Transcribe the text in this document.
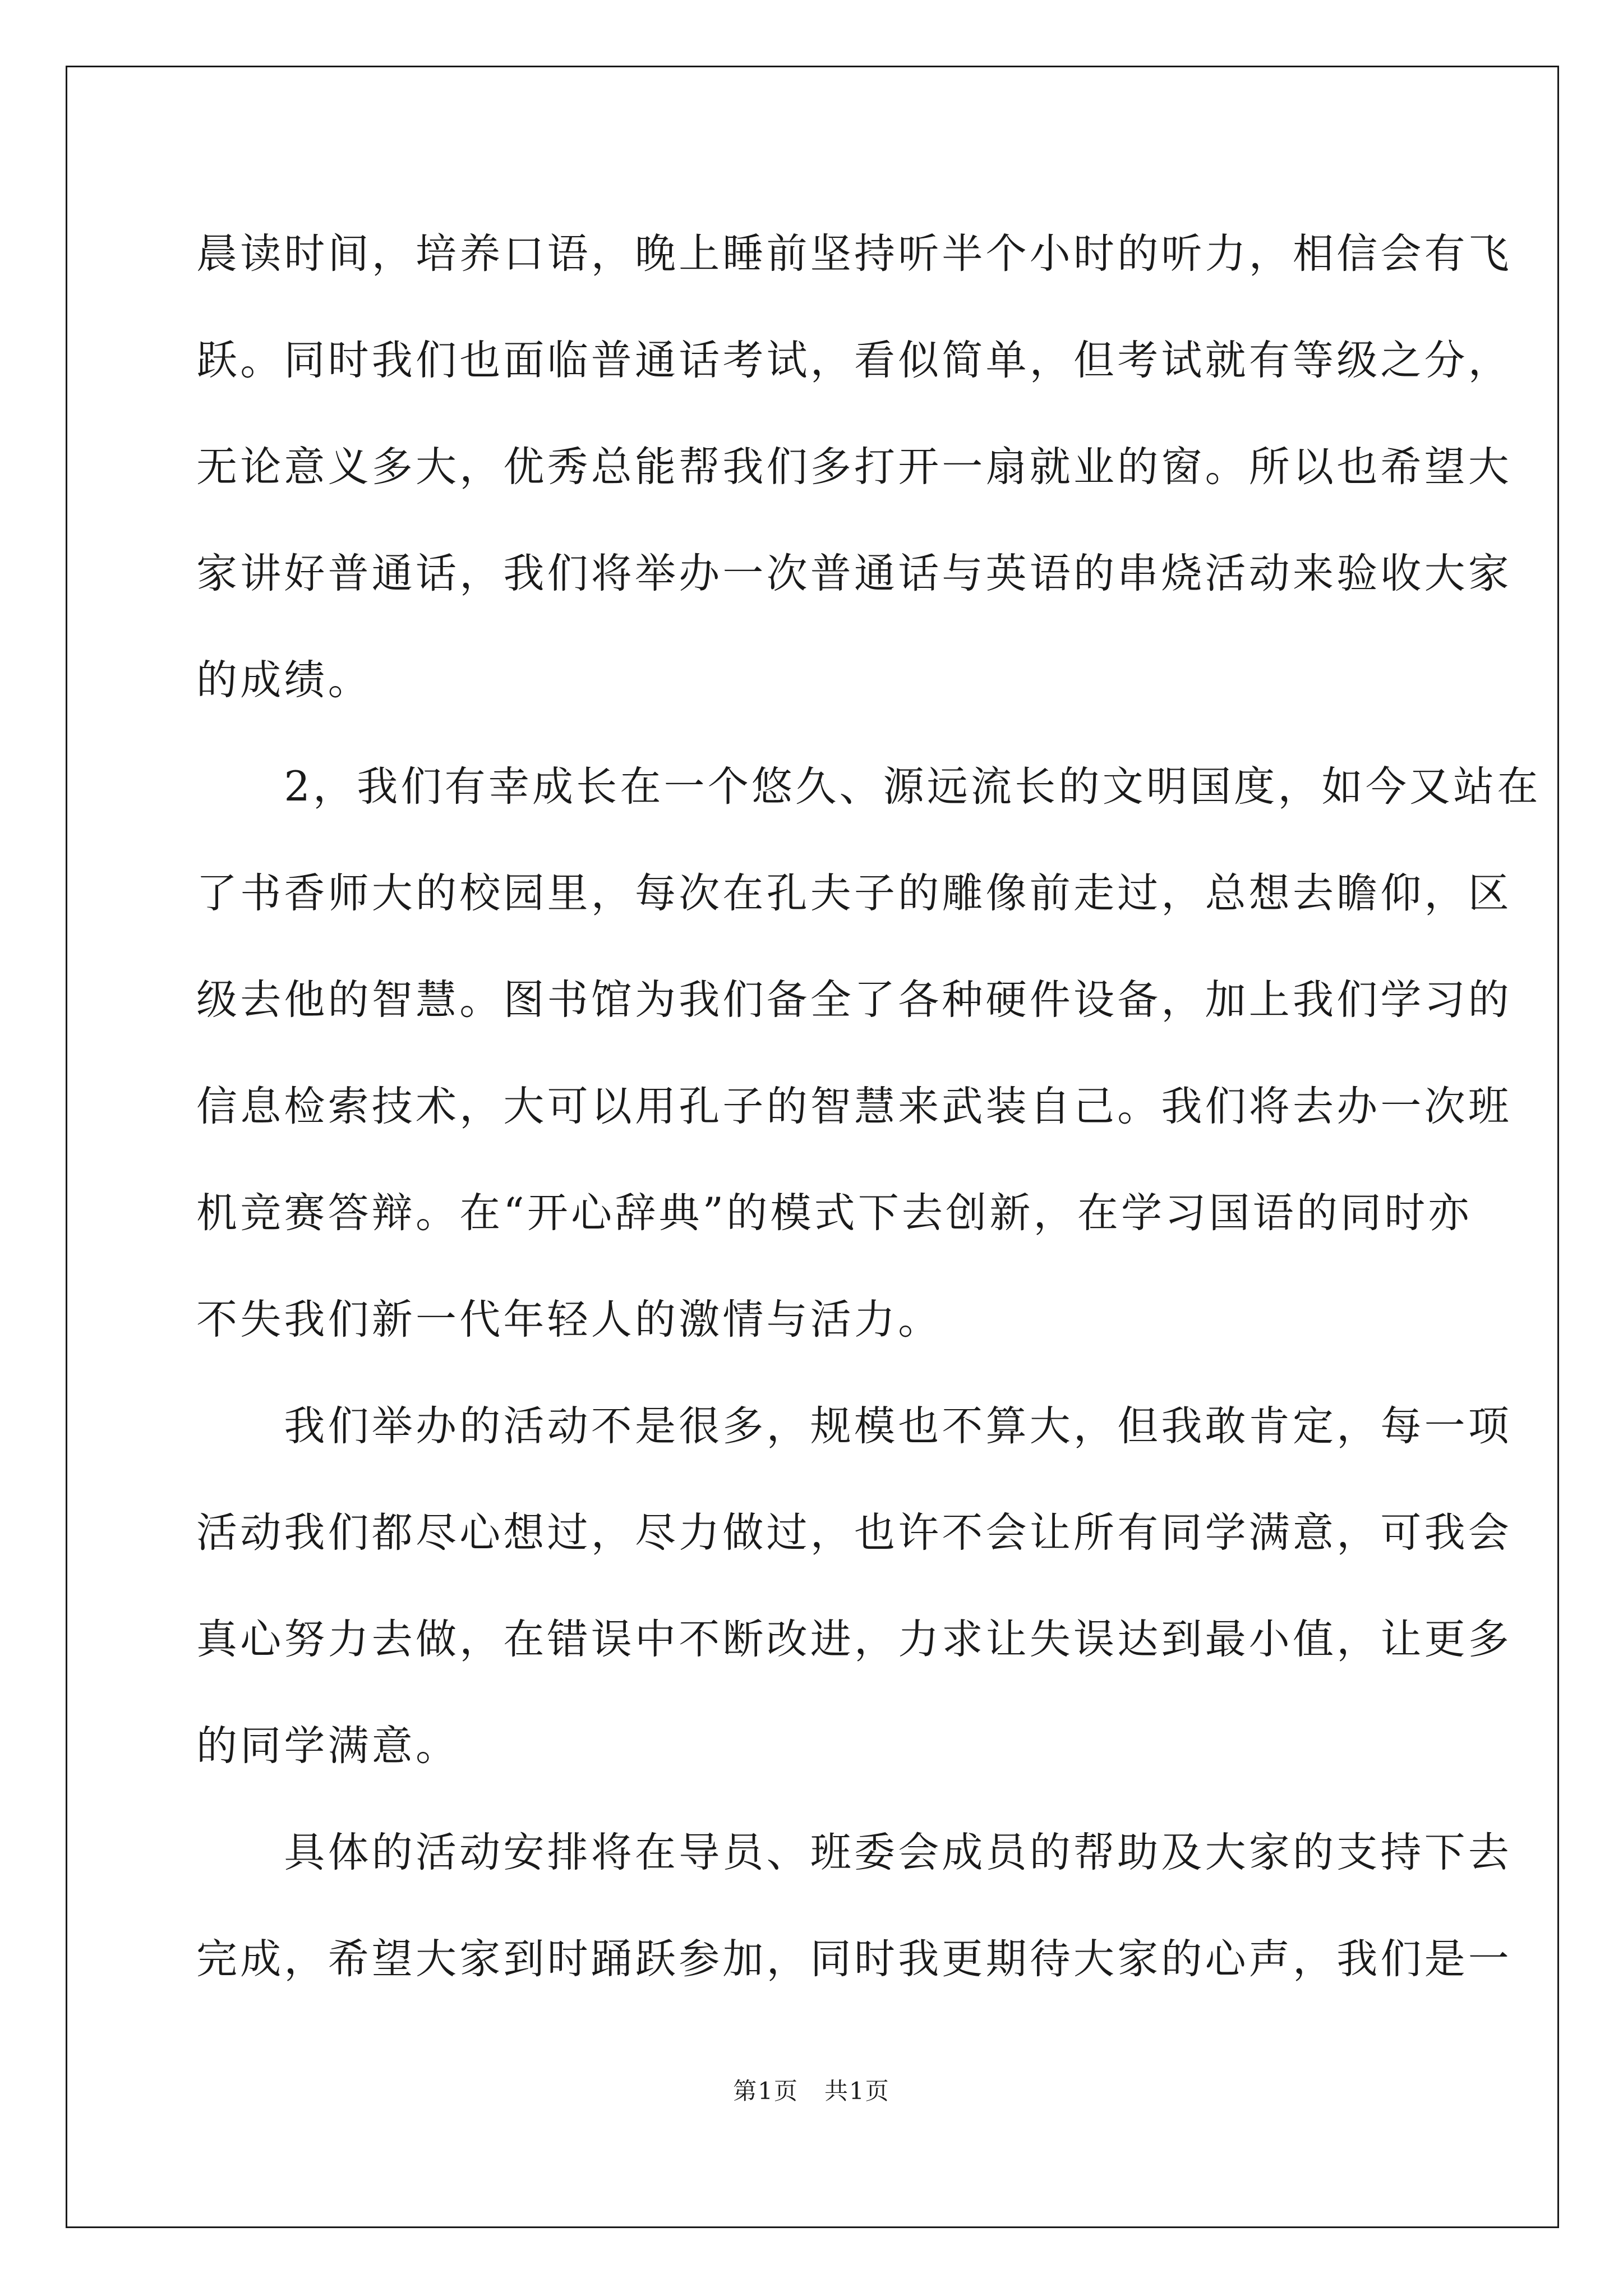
晨读时间，培养口语，晚上睡前坚持听半个小时的听力，相信会有飞
跃。同时我们也面临普通话考试，看似简单，但考试就有等级之分，
无论意义多大，优秀总能帮我们多打开一扇就业的窗。所以也希望大
家讲好普通话，我们将举办一次普通话与英语的串烧活动来验收大家
的成绩。
　　2，我们有幸成长在一个悠久、源远流长的文明国度，如今又站在
了书香师大的校园里，每次在孔夫子的雕像前走过，总想去瞻仰，区
级去他的智慧。图书馆为我们备全了各种硬件设备，加上我们学习的
信息检索技术，大可以用孔子的智慧来武装自己。我们将去办一次班
机竞赛答辩。在“开心辞典”的模式下去创新，在学习国语的同时亦
不失我们新一代年轻人的激情与活力。
　　我们举办的活动不是很多，规模也不算大，但我敢肯定，每一项
活动我们都尽心想过，尽力做过，也许不会让所有同学满意，可我会
真心努力去做，在错误中不断改进，力求让失误达到最小值，让更多
的同学满意。
　　具体的活动安排将在导员、班委会成员的帮助及大家的支持下去
完成，希望大家到时踊跃参加，同时我更期待大家的心声，我们是一
第1页 共1页
